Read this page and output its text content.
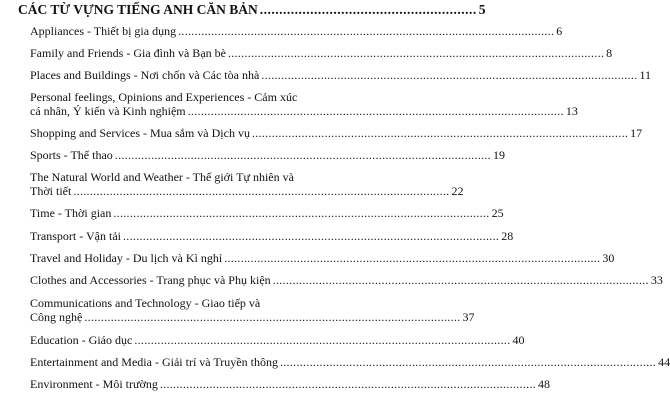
CÁC TỪ VỰNG TIẾNG ANH CĂN BẢN ........................................................ 5
Appliances - Thiết bị gia dụng .................................................................................................................. 6
Family and Friends - Gia đình và Bạn bè .................................................................................................................. 8
Places and Buildings - Nơi chốn và Các tòa nhà .................................................................................................................. 11
Personal feelings, Opinions and Experiences - Cảm xúc
cá nhân, Ý kiến và Kinh nghiệm .................................................................................................................. 13
Shopping and Services - Mua sắm và Dịch vụ .................................................................................................................. 17
Sports - Thể thao .................................................................................................................. 19
The Natural World and Weather - Thế giới Tự nhiên và
Thời tiết .................................................................................................................. 22
Time - Thời gian .................................................................................................................. 25
Transport - Vận tải .................................................................................................................. 28
Travel and Holiday - Du lịch và Kì nghỉ .................................................................................................................. 30
Clothes and Accessories - Trang phục và Phụ kiện .................................................................................................................. 33
Communications and Technology - Giao tiếp và
Công nghệ .................................................................................................................. 37
Education - Giáo dục .................................................................................................................. 40
Entertainment and Media - Giải trí và Truyền thông .................................................................................................................. 44
Environment - Môi trường .................................................................................................................. 48
